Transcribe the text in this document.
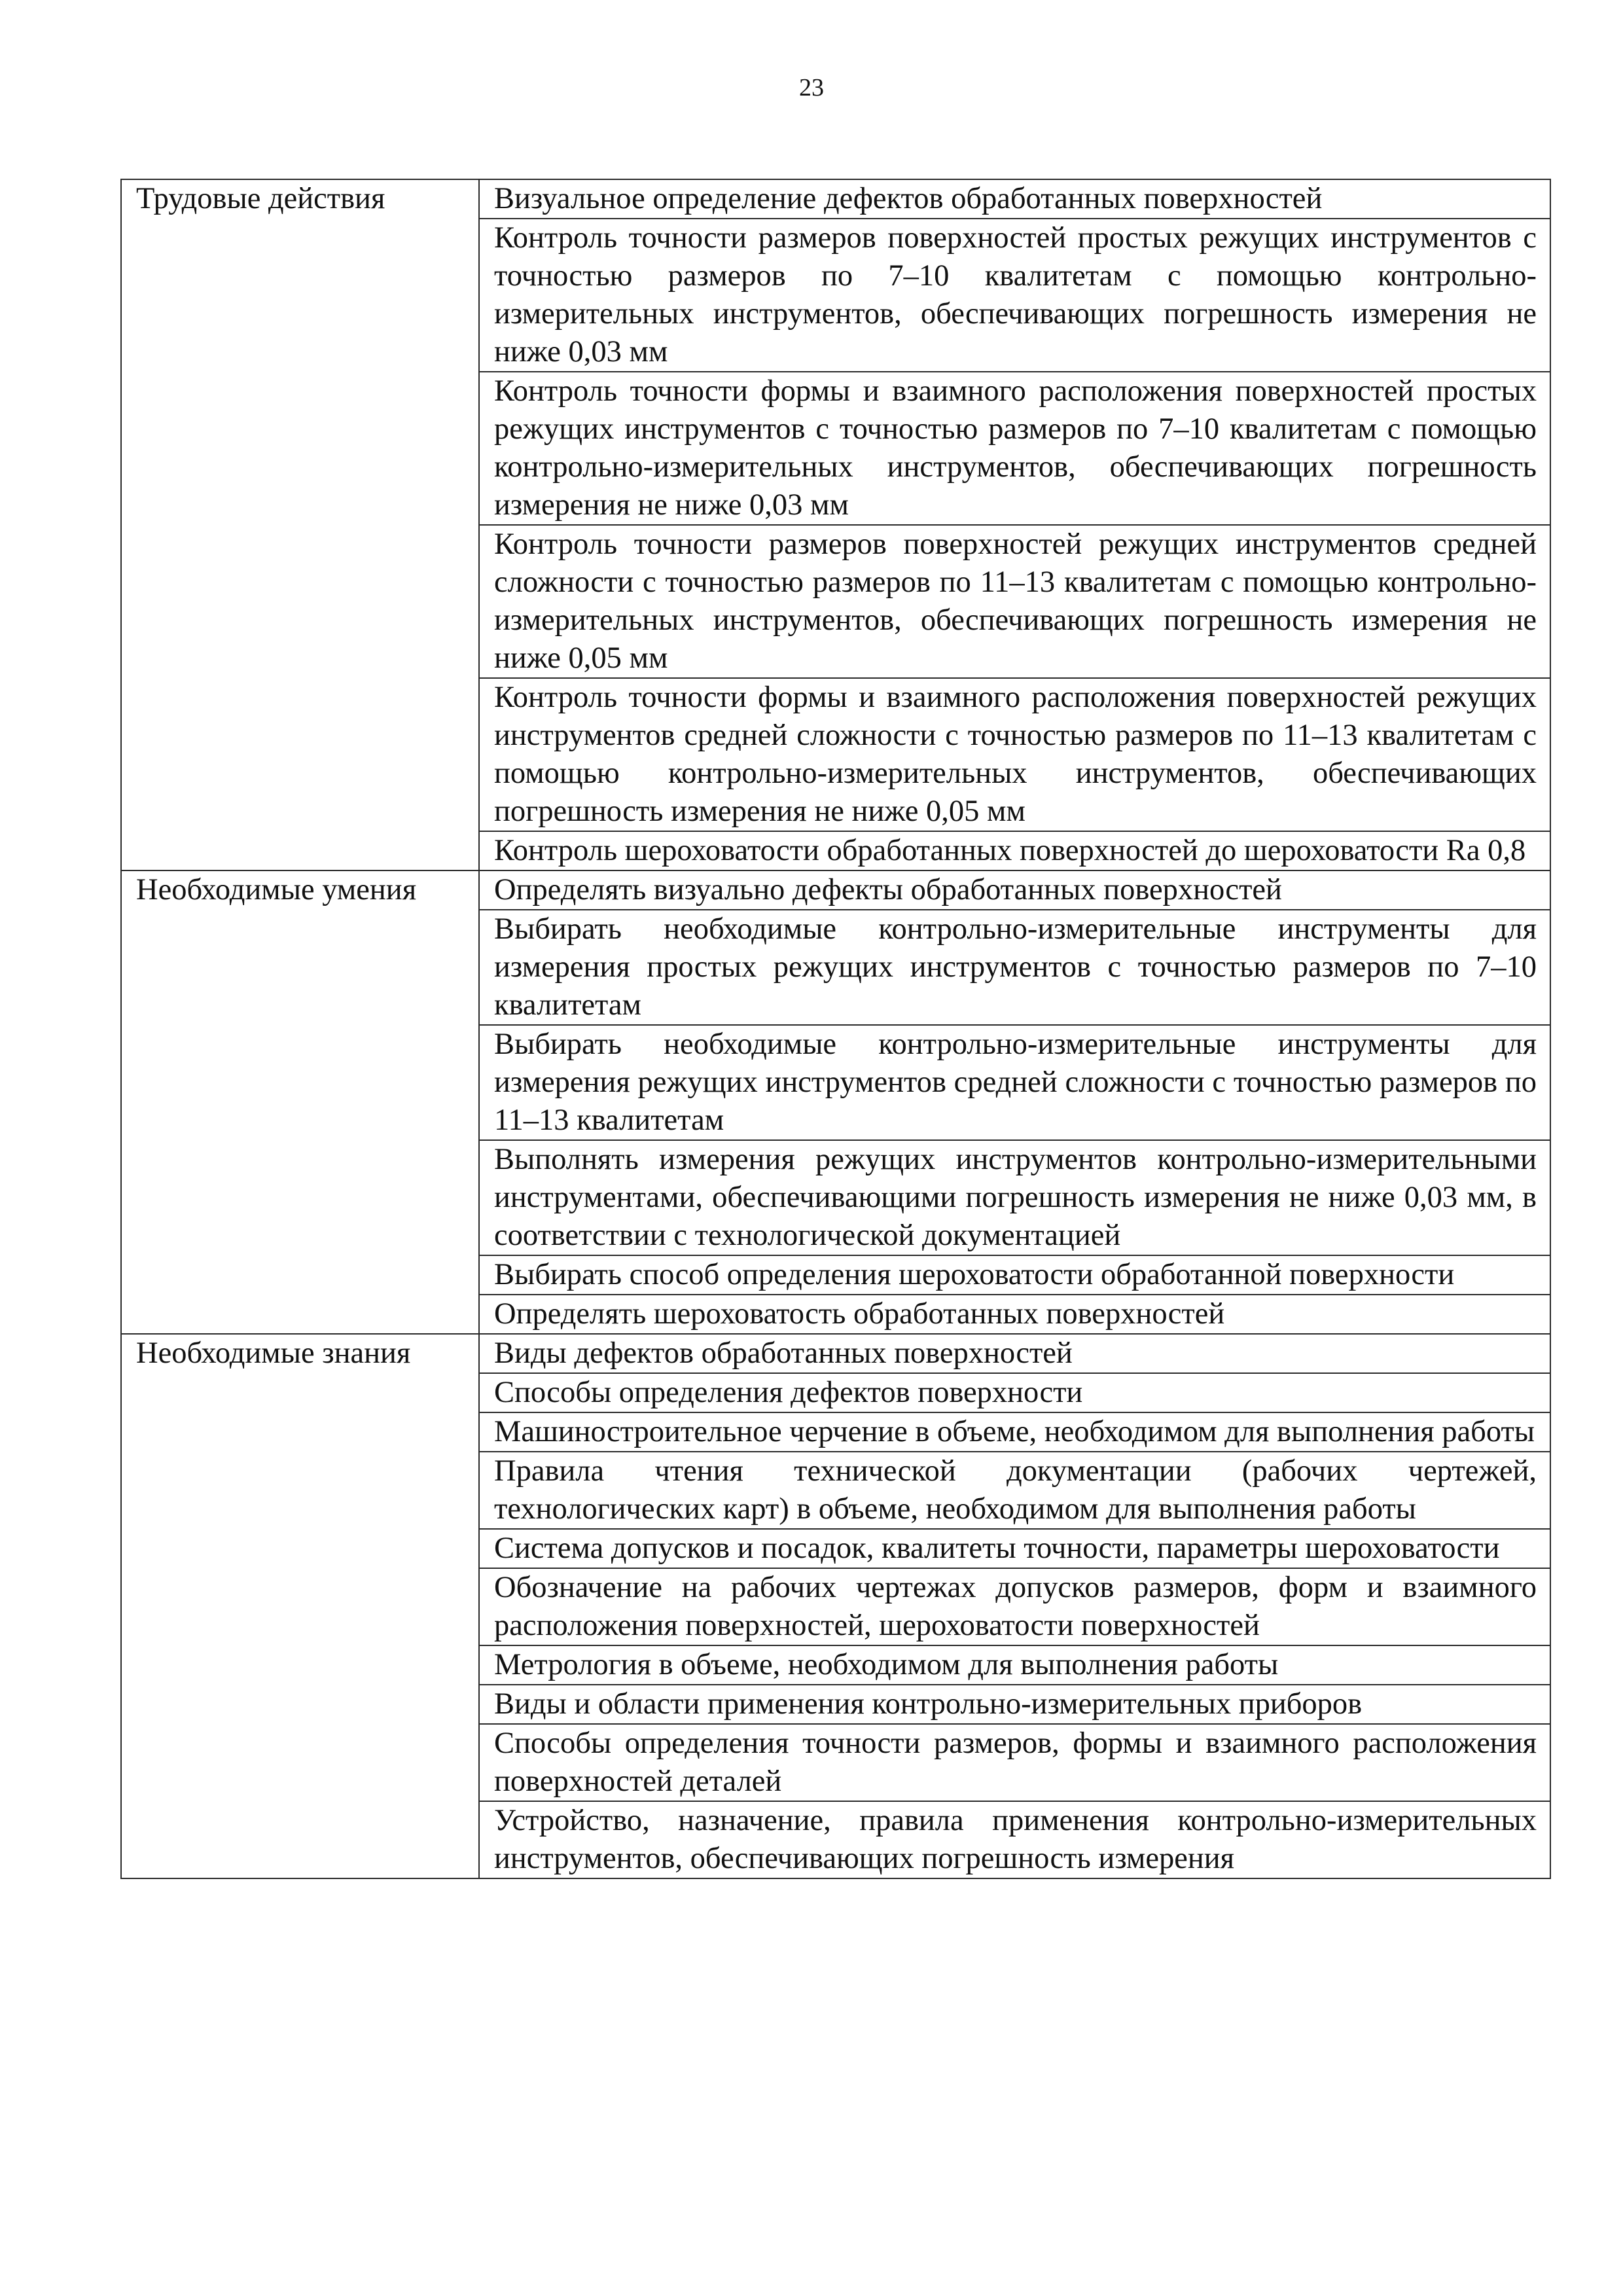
23
Трудовые действия	Визуальное определение дефектов обработанных поверхностей
	Контроль точности размеров поверхностей простых режущих инструментов с точностью размеров по 7–10 квалитетам с помощью контрольно-измерительных инструментов, обеспечивающих погрешность измерения не ниже 0,03 мм
	Контроль точности формы и взаимного расположения поверхностей простых режущих инструментов с точностью размеров по 7–10 квалитетам с помощью контрольно-измерительных инструментов, обеспечивающих погрешность измерения не ниже 0,03 мм
	Контроль точности размеров поверхностей режущих инструментов средней сложности с точностью размеров по 11–13 квалитетам с помощью контрольно-измерительных инструментов, обеспечивающих погрешность измерения не ниже 0,05 мм
	Контроль точности формы и взаимного расположения поверхностей режущих инструментов средней сложности с точностью размеров по 11–13 квалитетам с помощью контрольно-измерительных инструментов, обеспечивающих погрешность измерения не ниже 0,05 мм
	Контроль шероховатости обработанных поверхностей до шероховатости Ra 0,8
Необходимые умения	Определять визуально дефекты обработанных поверхностей
	Выбирать необходимые контрольно-измерительные инструменты для измерения простых режущих инструментов с точностью размеров по 7–10 квалитетам
	Выбирать необходимые контрольно-измерительные инструменты для измерения режущих инструментов средней сложности с точностью размеров по 11–13 квалитетам
	Выполнять измерения режущих инструментов контрольно-измерительными инструментами, обеспечивающими погрешность измерения не ниже 0,03 мм, в соответствии с технологической документацией
	Выбирать способ определения шероховатости обработанной поверхности
	Определять шероховатость обработанных поверхностей
Необходимые знания	Виды дефектов обработанных поверхностей
	Способы определения дефектов поверхности
	Машиностроительное черчение в объеме, необходимом для выполнения работы
	Правила чтения технической документации (рабочих чертежей, технологических карт) в объеме, необходимом для выполнения работы
	Система допусков и посадок, квалитеты точности, параметры шероховатости
	Обозначение на рабочих чертежах допусков размеров, форм и взаимного расположения поверхностей, шероховатости поверхностей
	Метрология в объеме, необходимом для выполнения работы
	Виды и области применения контрольно-измерительных приборов
	Способы определения точности размеров, формы и взаимного расположения поверхностей деталей
	Устройство, назначение, правила применения контрольно-измерительных инструментов, обеспечивающих погрешность измерения
